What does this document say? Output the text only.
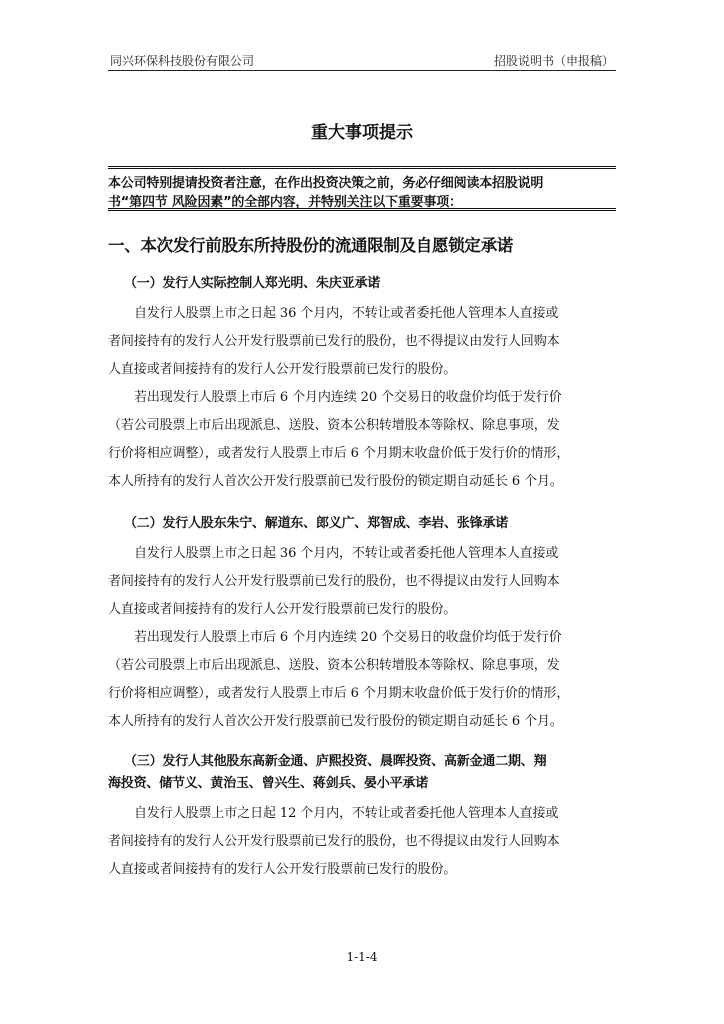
同兴环保科技股份有限公司	招股说明书（申报稿）
重大事项提示

本公司特别提请投资者注意，在作出投资决策之前，务必仔细阅读本招股说明

书“第四节 风险因素”的全部内容，并特别关注以下重要事项：

一、本次发行前股东所持股份的流通限制及自愿锁定承诺
（一）发行人实际控制人郑光明、朱庆亚承诺
自发行人股票上市之日起 36 个月内，不转让或者委托他人管理本人直接或
者间接持有的发行人公开发行股票前已发行的股份，也不得提议由发行人回购本
人直接或者间接持有的发行人公开发行股票前已发行的股份。
若出现发行人股票上市后 6 个月内连续 20 个交易日的收盘价均低于发行价
（若公司股票上市后出现派息、送股、资本公积转增股本等除权、除息事项，发
行价将相应调整），或者发行人股票上市后 6 个月期末收盘价低于发行价的情形，
本人所持有的发行人首次公开发行股票前已发行股份的锁定期自动延长 6 个月。
（二）发行人股东朱宁、解道东、郎义广、郑智成、李岩、张锋承诺
自发行人股票上市之日起 36 个月内，不转让或者委托他人管理本人直接或
者间接持有的发行人公开发行股票前已发行的股份，也不得提议由发行人回购本
人直接或者间接持有的发行人公开发行股票前已发行的股份。
若出现发行人股票上市后 6 个月内连续 20 个交易日的收盘价均低于发行价
（若公司股票上市后出现派息、送股、资本公积转增股本等除权、除息事项，发
行价将相应调整），或者发行人股票上市后 6 个月期末收盘价低于发行价的情形，
本人所持有的发行人首次公开发行股票前已发行股份的锁定期自动延长 6 个月。
（三）发行人其他股东高新金通、庐熙投资、晨晖投资、高新金通二期、翔
海投资、储节义、黄治玉、曾兴生、蒋剑兵、晏小平承诺
自发行人股票上市之日起 12 个月内，不转让或者委托他人管理本人直接或
者间接持有的发行人公开发行股票前已发行的股份，也不得提议由发行人回购本
人直接或者间接持有的发行人公开发行股票前已发行的股份。
1-1-4
